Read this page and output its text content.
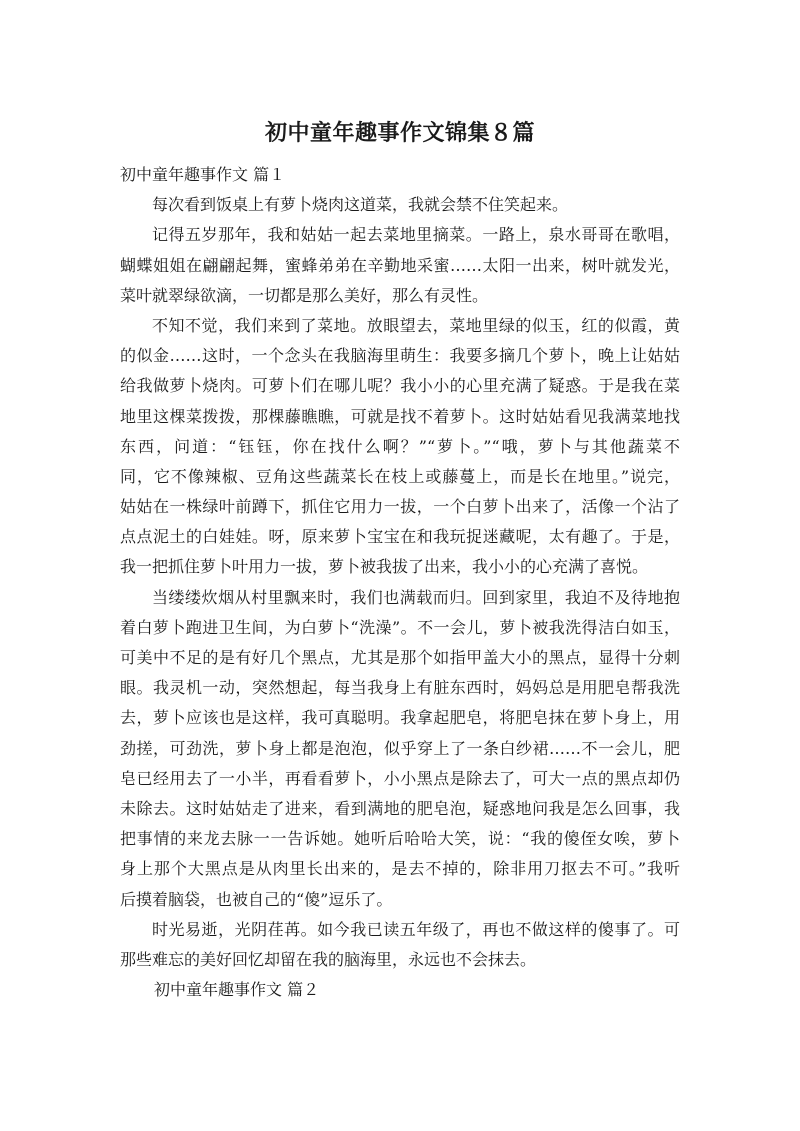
初中童年趣事作文锦集８篇

初中童年趣事作文 篇１

每次看到饭桌上有萝卜烧肉这道菜，我就会禁不住笑起来。

记得五岁那年，我和姑姑一起去菜地里摘菜。一路上，泉水哥哥在歌唱，

蝴蝶姐姐在翩翩起舞，蜜蜂弟弟在辛勤地采蜜……太阳一出来，树叶就发光，

菜叶就翠绿欲滴，一切都是那么美好，那么有灵性。

不知不觉，我们来到了菜地。放眼望去，菜地里绿的似玉，红的似霞，黄

的似金……这时，一个念头在我脑海里萌生：我要多摘几个萝卜，晚上让姑姑

给我做萝卜烧肉。可萝卜们在哪儿呢？我小小的心里充满了疑惑。于是我在菜

地里这棵菜拨拨，那棵藤瞧瞧，可就是找不着萝卜。这时姑姑看见我满菜地找

东西，问道：“钰钰，你在找什么啊？”“萝卜。”“哦，萝卜与其他蔬菜不

同，它不像辣椒、豆角这些蔬菜长在枝上或藤蔓上，而是长在地里。”说完，

姑姑在一株绿叶前蹲下，抓住它用力一拔，一个白萝卜出来了，活像一个沾了

点点泥土的白娃娃。呀，原来萝卜宝宝在和我玩捉迷藏呢，太有趣了。于是，

我一把抓住萝卜叶用力一拔，萝卜被我拔了出来，我小小的心充满了喜悦。

当缕缕炊烟从村里飘来时，我们也满载而归。回到家里，我迫不及待地抱

着白萝卜跑进卫生间，为白萝卜“洗澡”。不一会儿，萝卜被我洗得洁白如玉，

可美中不足的是有好几个黑点，尤其是那个如指甲盖大小的黑点，显得十分刺

眼。我灵机一动，突然想起，每当我身上有脏东西时，妈妈总是用肥皂帮我洗

去，萝卜应该也是这样，我可真聪明。我拿起肥皂，将肥皂抹在萝卜身上，用

劲搓，可劲洗，萝卜身上都是泡泡，似乎穿上了一条白纱裙……不一会儿，肥

皂已经用去了一小半，再看看萝卜，小小黑点是除去了，可大一点的黑点却仍

未除去。这时姑姑走了进来，看到满地的肥皂泡，疑惑地问我是怎么回事，我

把事情的来龙去脉一一告诉她。她听后哈哈大笑，说：“我的傻侄女唉，萝卜

身上那个大黑点是从肉里长出来的，是去不掉的，除非用刀抠去不可。”我听

后摸着脑袋，也被自己的“傻”逗乐了。

时光易逝，光阴荏苒。如今我已读五年级了，再也不做这样的傻事了。可

那些难忘的美好回忆却留在我的脑海里，永远也不会抹去。

初中童年趣事作文 篇２
